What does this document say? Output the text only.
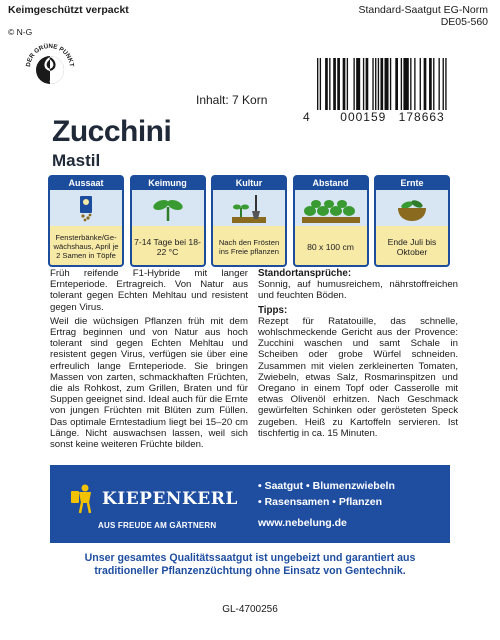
Keimgeschützt verpackt	Standard-Saatgut EG-Norm
DE05-560
© N-G
DER GRÜNE PUNKT
Inhalt: 7 Korn
4 000159 178663
Zucchini
Mastil
Aussaat
Fensterbänke/Ge- wächshaus, April je 2 Samen in Töpfe
Keimung
7-14 Tage bei 18-22 °C
Kultur
Nach den Frösten ins Freie pflanzen
Abstand
80 x 100 cm
Ernte
Ende Juli bis Oktober

Früh reifende F1-Hybride mit langer Ernteperiode. Ertragreich. Von Natur aus tolerant gegen Echten Mehltau und resistent gegen Virus.

Weil die wüchsigen Pflanzen früh mit dem Ertrag beginnen und von Natur aus hoch tolerant sind gegen Echten Mehltau und resistent gegen Virus, verfügen sie über eine erfreulich lange Ernteperiode. Sie bringen Massen von zarten, schmackhaften Früchten, die als Rohkost, zum Grillen, Braten und für Suppen geeignet sind. Ideal auch für die Ernte von jungen Früchten mit Blüten zum Füllen. Das optimale Erntestadium liegt bei 15–20 cm Länge. Nicht auswachsen lassen, weil sich sonst keine weiteren Früchte bilden.

Standortansprüche:

Sonnig, auf humusreichem, nährstoffreichen und feuchten Böden.

Tipps:

Rezept für Ratatouille, das schnelle, wohlschmeckende Gericht aus der Provence: Zucchini waschen und samt Schale in Scheiben oder grobe Würfel schneiden. Zusammen mit vielen zerkleinerten Tomaten, Zwiebeln, etwas Salz, Rosmarinspitzen und Oregano in einem Topf oder Casserolle mit etwas Olivenöl erhitzen. Nach Geschmack gewürfelten Schinken oder gerösteten Speck zugeben. Heiß zu Kartoffeln servieren. Ist tischfertig in ca. 15 Minuten.

KIEPENKERL
AUS FREUDE AM GÄRTNERN
• Saatgut • Blumenzwiebeln
• Rasensamen • Pflanzen
www.nebelung.de
Unser gesamtes Qualitätssaatgut ist ungebeizt und garantiert aus
traditioneller Pflanzenzüchtung ohne Einsatz von Gentechnik.
GL-4700256
